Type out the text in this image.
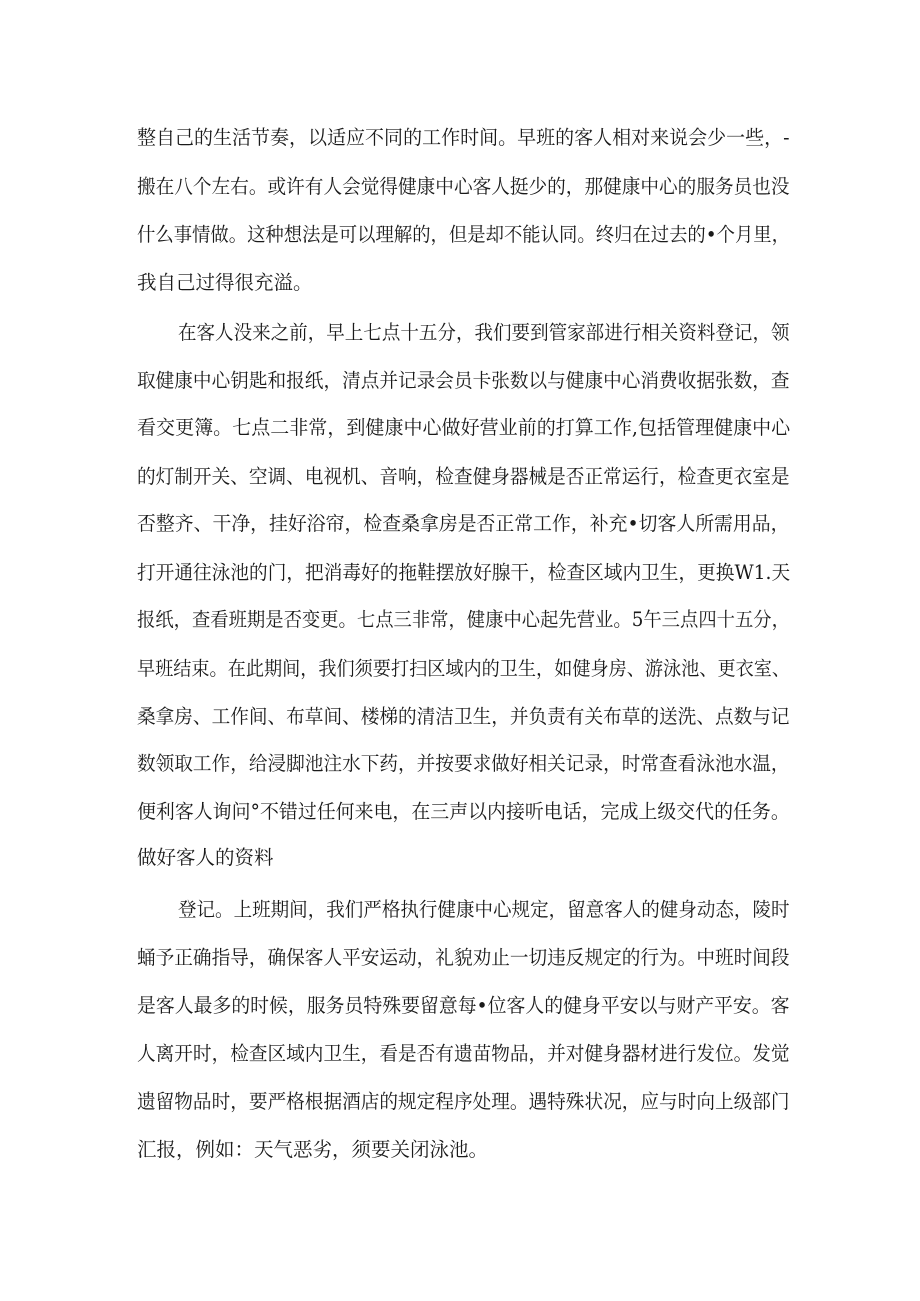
整自己的生活节奏，以适应不同的工作时间。早班的客人相对来说会少一些，-

搬在八个左右。或许有人会觉得健康中心客人挺少的，那健康中心的服务员也没

什么事情做。这种想法是可以理解的，但是却不能认同。终归在过去的•个月里，

我自己过得很充溢。

在客人没来之前，早上七点十五分，我们要到管家部进行相关资料登记，领

取健康中心钥匙和报纸，清点并记录会员卡张数以与健康中心消费收据张数，查

看交更簿。七点二非常，到健康中心做好营业前的打算工作,包括管理健康中心

的灯制开关、空调、电视机、音响，检查健身器械是否正常运行，检查更衣室是

否整齐、干净，挂好浴帘，检查桑拿房是否正常工作，补充•切客人所需用品，

打开通往泳池的门，把消毒好的拖鞋摆放好腺干，检查区域内卫生，更换W1.天

报纸，查看班期是否变更。七点三非常，健康中心起先营业。5午三点四十五分，

早班结束。在此期间，我们须要打扫区域内的卫生，如健身房、游泳池、更衣室、

桑拿房、工作间、布草间、楼梯的清洁卫生，并负责有关布草的送洗、点数与记

数领取工作，给浸脚池注水下药，并按要求做好相关记录，时常查看泳池水温，

便利客人询问°不错过任何来电，在三声以内接听电话，完成上级交代的任务。

做好客人的资料

登记。上班期间，我们严格执行健康中心规定，留意客人的健身动态，陵时

蛹予正确指导，确保客人平安运动，礼貌劝止一切违反规定的行为。中班时间段

是客人最多的时候，服务员特殊要留意每•位客人的健身平安以与财产平安。客

人离开时，检查区域内卫生，看是否有遗苗物品，并对健身器材进行发位。发觉

遗留物品时，要严格根据酒店的规定程序处理。遇特殊状况，应与时向上级部门

汇报，例如：天气恶劣，须要关闭泳池。
